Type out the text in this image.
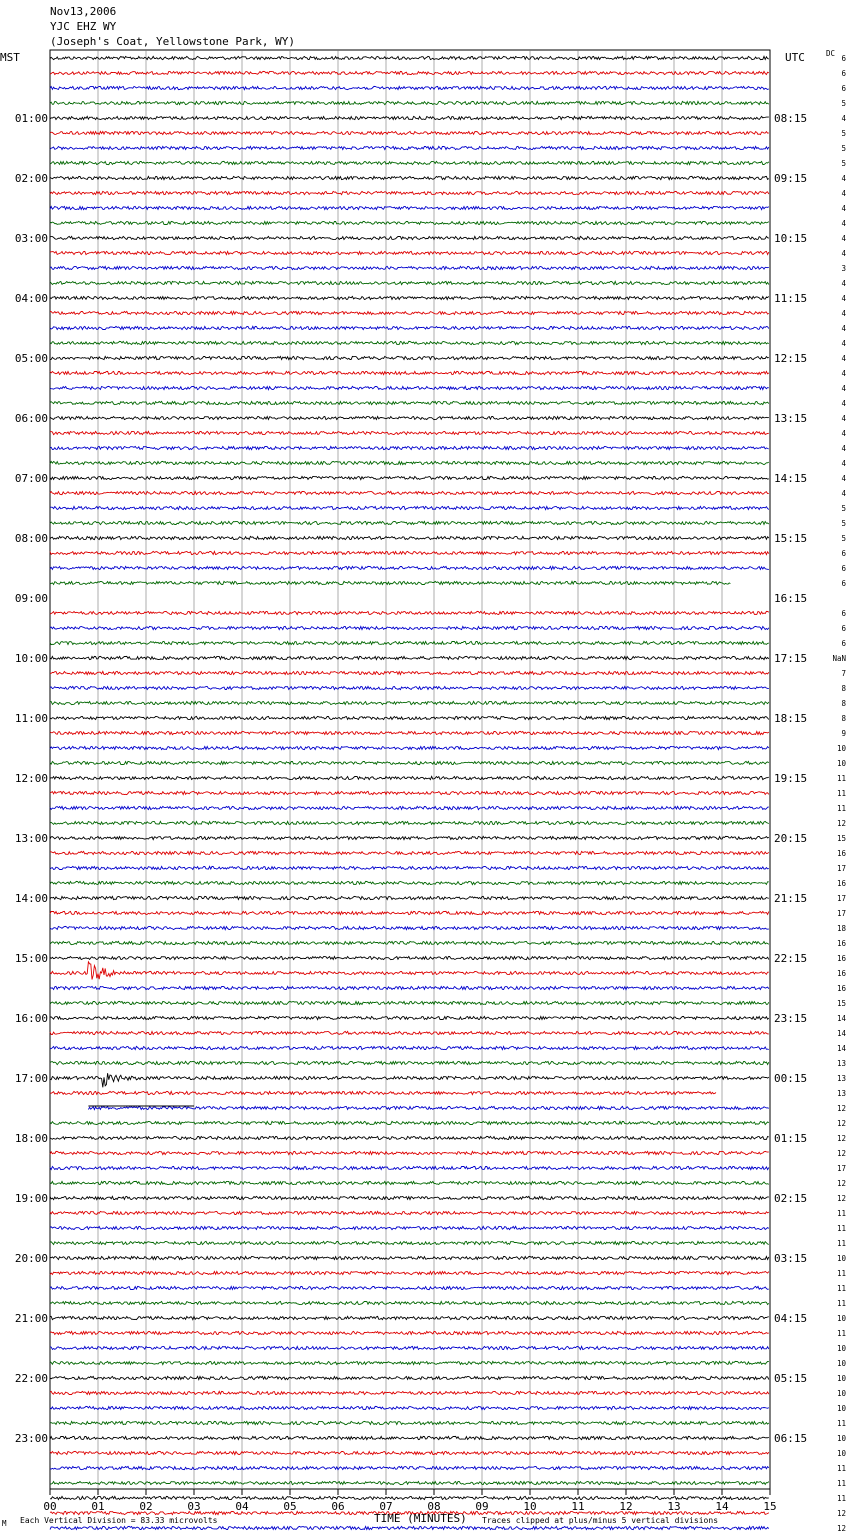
Nov13,2006
YJC EHZ WY
(Joseph's Coat, Yellowstone Park, WY)
00	01	02	03	04	05	06	07	08	09	10	11	12	13	14	15
6
6
6
5
4
5
5
5
4
4
4
4
4
4
3
4
4
4
4
4
4
4
4
4
4
4
4
4
4
4
5
5
5
6
6
6
6
6
6
NaN
7
8
8
8
9
10
10
11
11
11
12
15
16
17
16
17
17
18
16
16
16
16
15
14
14
14
13
13
13
12
12
12
12
17
12
12
11
11
11
10
11
11
11
10
11
10
10
10
10
10
11
10
10
11
11
11
12
12
01:00	08:15
02:00	09:15
03:00	10:15
04:00	11:15
05:00	12:15
06:00	13:15
07:00	14:15
08:00	15:15
09:00	16:15
10:00	17:15
11:00	18:15
12:00	19:15
13:00	20:15
14:00	21:15
15:00	22:15
16:00	23:15
17:00	00:15
18:00	01:15
19:00	02:15
20:00	03:15
21:00	04:15
22:00	05:15
23:00	06:15
MST	UTC	DC
Each Vertical Division = 83.33 microvolts	TIME (MINUTES) Traces clipped at plus/minus 5 vertical divisions
M
